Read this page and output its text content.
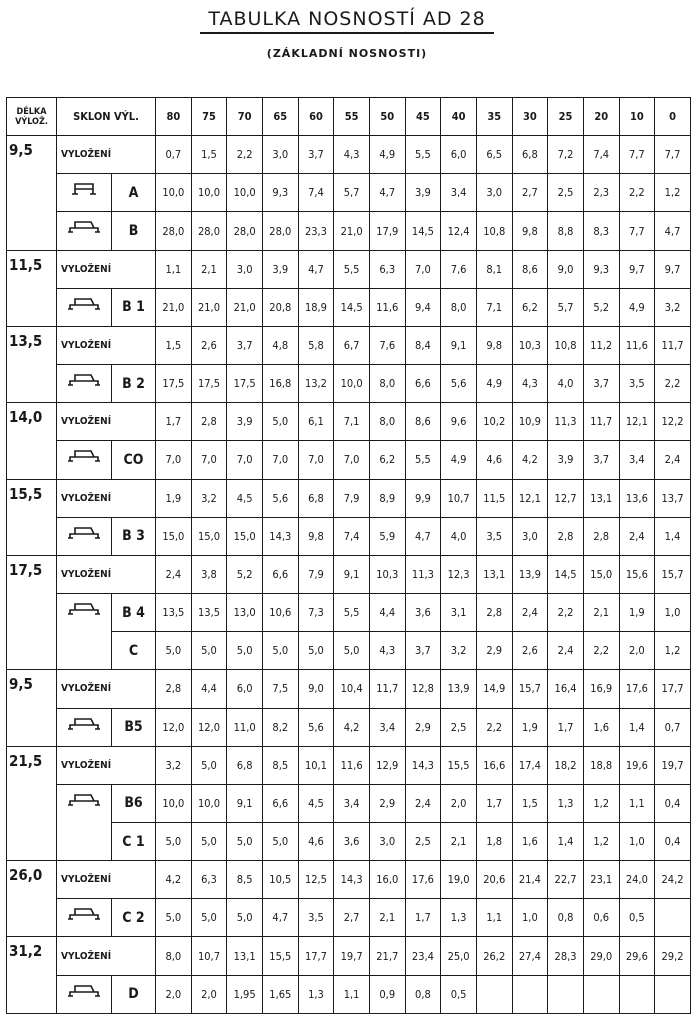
TABULKA NOSNOSTÍ AD 28
(ZÁKLADNÍ NOSNOSTI)
DÉLKA VÝLOŽ.	SKLON VÝL.		80	75	70	65	60	55	50	45	40	35	30	25	20	10	0
9,5	VYLOŽENÍ		0,7	1,5	2,2	3,0	3,7	4,3	4,9	5,5	6,0	6,5	6,8	7,2	7,4	7,7	7,7

	A	10,0	10,0	10,0	9,3	7,4	5,7	4,7	3,9	3,4	3,0	2,7	2,5	2,3	2,2	1,2

	B	28,0	28,0	28,0	28,0	23,3	21,0	17,9	14,5	12,4	10,8	9,8	8,8	8,3	7,7	4,7
11,5	VYLOŽENÍ		1,1	2,1	3,0	3,9	4,7	5,5	6,3	7,0	7,6	8,1	8,6	9,0	9,3	9,7	9,7

	B 1	21,0	21,0	21,0	20,8	18,9	14,5	11,6	9,4	8,0	7,1	6,2	5,7	5,2	4,9	3,2
13,5	VYLOŽENÍ		1,5	2,6	3,7	4,8	5,8	6,7	7,6	8,4	9,1	9,8	10,3	10,8	11,2	11,6	11,7

	B 2	17,5	17,5	17,5	16,8	13,2	10,0	8,0	6,6	5,6	4,9	4,3	4,0	3,7	3,5	2,2
14,0	VYLOŽENÍ		1,7	2,8	3,9	5,0	6,1	7,1	8,0	8,6	9,6	10,2	10,9	11,3	11,7	12,1	12,2

	CO	7,0	7,0	7,0	7,0	7,0	7,0	6,2	5,5	4,9	4,6	4,2	3,9	3,7	3,4	2,4
15,5	VYLOŽENÍ		1,9	3,2	4,5	5,6	6,8	7,9	8,9	9,9	10,7	11,5	12,1	12,7	13,1	13,6	13,7

	B 3	15,0	15,0	15,0	14,3	9,8	7,4	5,9	4,7	4,0	3,5	3,0	2,8	2,8	2,4	1,4
17,5	VYLOŽENÍ		2,4	3,8	5,2	6,6	7,9	9,1	10,3	11,3	12,3	13,1	13,9	14,5	15,0	15,6	15,7

	B 4	13,5	13,5	13,0	10,6	7,3	5,5	4,4	3,6	3,1	2,8	2,4	2,2	2,1	1,9	1,0
		C	5,0	5,0	5,0	5,0	5,0	5,0	4,3	3,7	3,2	2,9	2,6	2,4	2,2	2,0	1,2
9,5	VYLOŽENÍ		2,8	4,4	6,0	7,5	9,0	10,4	11,7	12,8	13,9	14,9	15,7	16,4	16,9	17,6	17,7

	B5	12,0	12,0	11,0	8,2	5,6	4,2	3,4	2,9	2,5	2,2	1,9	1,7	1,6	1,4	0,7
21,5	VYLOŽENÍ		3,2	5,0	6,8	8,5	10,1	11,6	12,9	14,3	15,5	16,6	17,4	18,2	18,8	19,6	19,7

	B6	10,0	10,0	9,1	6,6	4,5	3,4	2,9	2,4	2,0	1,7	1,5	1,3	1,2	1,1	0,4
		C 1	5,0	5,0	5,0	5,0	4,6	3,6	3,0	2,5	2,1	1,8	1,6	1,4	1,2	1,0	0,4
26,0	VYLOŽENÍ		4,2	6,3	8,5	10,5	12,5	14,3	16,0	17,6	19,0	20,6	21,4	22,7	23,1	24,0	24,2

	C 2	5,0	5,0	5,0	4,7	3,5	2,7	2,1	1,7	1,3	1,1	1,0	0,8	0,6	0,5	
31,2	VYLOŽENÍ		8,0	10,7	13,1	15,5	17,7	19,7	21,7	23,4	25,0	26,2	27,4	28,3	29,0	29,6	29,2

	D	2,0	2,0	1,95	1,65	1,3	1,1	0,9	0,8	0,5						
